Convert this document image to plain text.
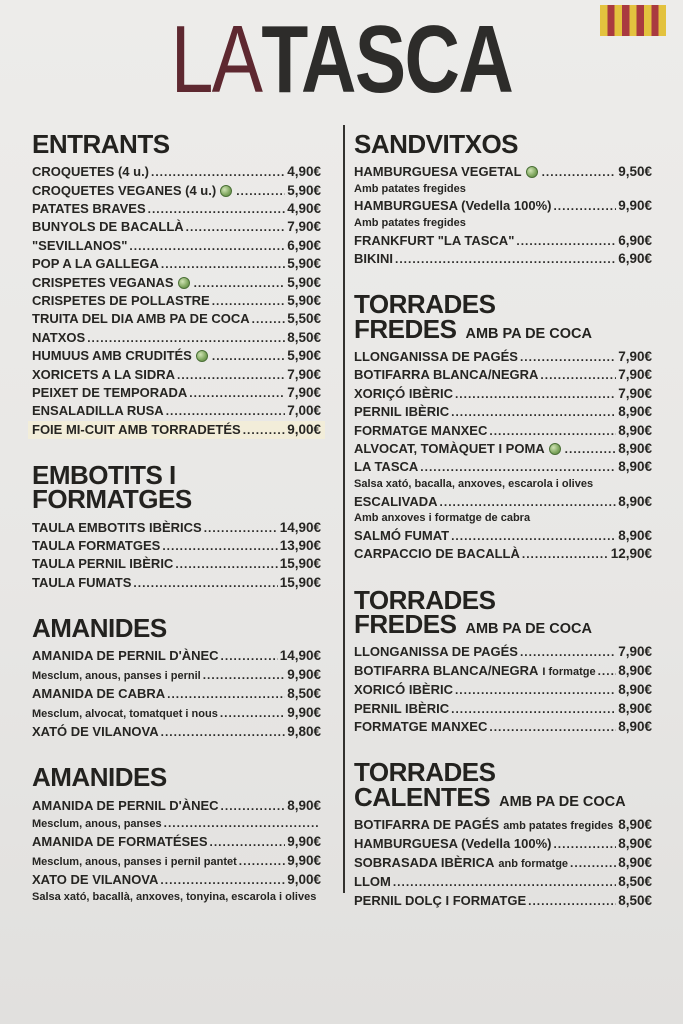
LATASCA
ENTRANTS
CROQUETES (4 u.) .....	4,90€
CROQUETES VEGANES (4 u.) .....	5,90€
PATATES BRAVES .....	4,90€
BUNYOLS DE BACALLÀ .....	7,90€
"SEVILLANOS" .....	6,90€
POP A LA GALLEGA .....	5,90€
CRISPETES VEGANAS .....	5,90€
CRISPETES DE POLLASTRE .....	5,90€
TRUITA DEL DIA AMB PA DE COCA .....	5,50€
NATXOS .....	8,50€
HUMUUS AMB CRUDITÉS .....	5,90€
XORICETS A LA SIDRA .....	7,90€
PEIXET DE TEMPORADA .....	7,90€
ENSALADILLA RUSA .....	7,00€
FOIE MI-CUIT AMB TORRADETÉS .....	9,00€
EMBOTITS I
FORMATGES
TAULA EMBOTITS IBÈRICS .....	14,90€
TAULA FORMATGES .....	13,90€
TAULA PERNIL IBÈRIC .....	15,90€
TAULA FUMATS .....	15,90€
AMANIDES
AMANIDA DE PERNIL D'ÀNEC .....	14,90€
Mesclum, anous, panses i pernil .....	9,90€
AMANIDA DE CABRA .....	8,50€
Mesclum, alvocat, tomatquet i nous .....	9,90€
XATÓ DE VILANOVA .....	9,80€
AMANIDES
AMANIDA DE PERNIL D'ÀNEC .....	8,90€
Mesclum, anous, panses
.....
AMANIDA DE FORMATÉSES .....	9,90€
Mesclum, anous, panses i pernil pantet .....	9,90€
XATO DE VILANOVA .....	9,00€
Salsa xató, bacallà, anxoves, tonyina, escarola i olives
SANDVITXOS
HAMBURGUESA VEGETAL .....	9,50€
Amb patates fregides
HAMBURGUESA (Vedella 100%) .....	9,90€
Amb patates fregides
FRANKFURT "LA TASCA" .....	6,90€
BIKINI .....	6,90€
TORRADES
FREDES AMB PA DE COCA
LLONGANISSA DE PAGÉS .....	7,90€
BOTIFARRA BLANCA/NEGRA .....	7,90€
XORIÇÓ IBÈRIC .....	7,90€
PERNIL IBÈRIC .....	8,90€
FORMATGE MANXEC .....	8,90€
ALVOCAT, TOMÀQUET I POMA .....	8,90€
LA TASCA .....	8,90€
Salsa xató, bacalla, anxoves, escarola i olives
ESCALIVADA .....	8,90€
Amb anxoves i formatge de cabra
SALMÓ FUMAT .....	8,90€
CARPACCIO DE BACALLÀ .....	12,90€
TORRADES
FREDES AMB PA DE COCA
LLONGANISSA DE PAGÉS .....	7,90€
BOTIFARRA BLANCA/NEGRA I formatge ..... 8,90€
XORICÓ IBÈRIC .....	8,90€
PERNIL IBÈRIC .....	8,90€
FORMATGE MANXEC .....	8,90€
TORRADES
CALENTES AMB PA DE COCA
BOTIFARRA DE PAGÉS amb patates fregides ..... 8,90€
HAMBURGUESA (Vedella 100%) .....	8,90€
SOBRASADA IBÈRICA anb formatge .....	8,90€
LLOM .....	8,50€
PERNIL DOLÇ I FORMATGE .....	8,50€
